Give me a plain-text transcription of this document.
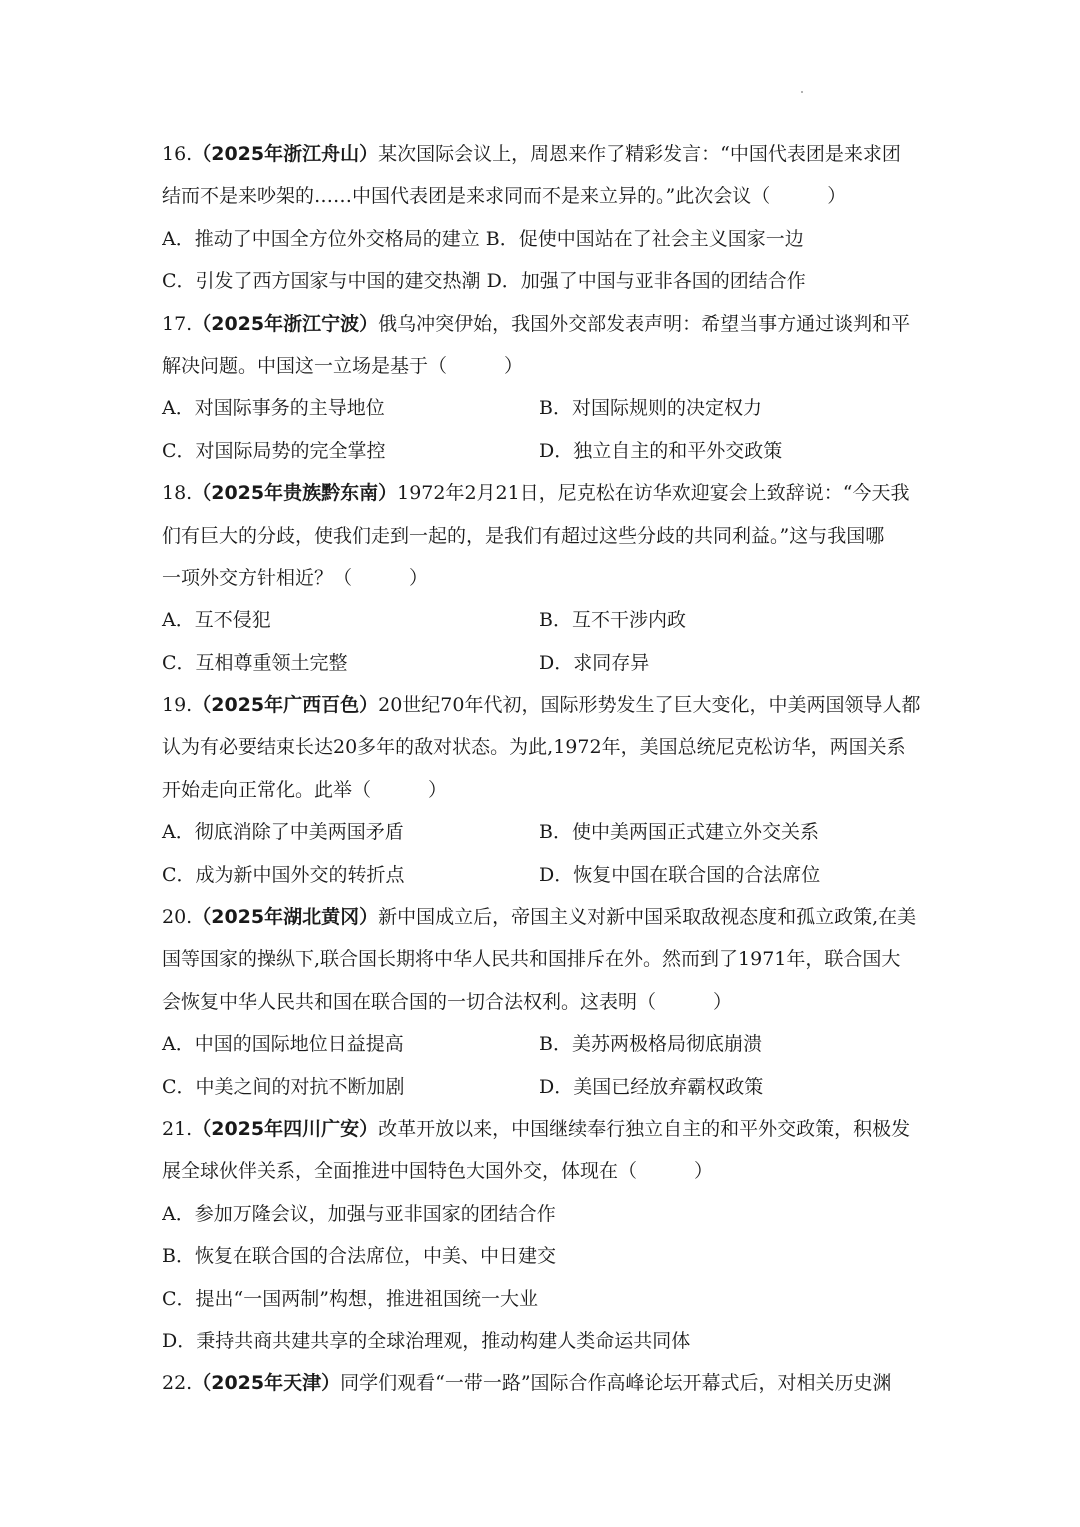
16.（2025年浙江舟山）某次国际会议上，周恩来作了精彩发言：“中国代表团是来求团
结而不是来吵架的……中国代表团是来求同而不是来立异的。”此次会议（　　　）
A．推动了中国全方位外交格局的建立 B．促使中国站在了社会主义国家一边
C．引发了西方国家与中国的建交热潮 D．加强了中国与亚非各国的团结合作
17.（2025年浙江宁波）俄乌冲突伊始，我国外交部发表声明：希望当事方通过谈判和平
解决问题。中国这一立场是基于（　　　）
A．对国际事务的主导地位	B．对国际规则的决定权力
C．对国际局势的完全掌控	D．独立自主的和平外交政策
18.（2025年贵族黔东南）1972年2月21日，尼克松在访华欢迎宴会上致辞说：“今天我
们有巨大的分歧，使我们走到一起的，是我们有超过这些分歧的共同利益。”这与我国哪
一项外交方针相近？（　　　）
A．互不侵犯	B．互不干涉内政
C．互相尊重领土完整	D．求同存异
19.（2025年广西百色）20世纪70年代初，国际形势发生了巨大变化，中美两国领导人都
认为有必要结束长达20多年的敌对状态。为此,1972年，美国总统尼克松访华，两国关系
开始走向正常化。此举（　　　）
A．彻底消除了中美两国矛盾	B．使中美两国正式建立外交关系
C．成为新中国外交的转折点	D．恢复中国在联合国的合法席位
20.（2025年湖北黄冈）新中国成立后，帝国主义对新中国采取敌视态度和孤立政策,在美
国等国家的操纵下,联合国长期将中华人民共和国排斥在外。然而到了1971年，联合国大
会恢复中华人民共和国在联合国的一切合法权利。这表明（　　　）
A．中国的国际地位日益提高	B．美苏两极格局彻底崩溃
C．中美之间的对抗不断加剧	D．美国已经放弃霸权政策
21.（2025年四川广安）改革开放以来，中国继续奉行独立自主的和平外交政策，积极发
展全球伙伴关系，全面推进中国特色大国外交，体现在（　　　）
A．参加万隆会议，加强与亚非国家的团结合作
B．恢复在联合国的合法席位，中美、中日建交
C．提出“一国两制”构想，推进祖国统一大业
D．秉持共商共建共享的全球治理观，推动构建人类命运共同体
22.（2025年天津）同学们观看“一带一路”国际合作高峰论坛开幕式后，对相关历史渊
